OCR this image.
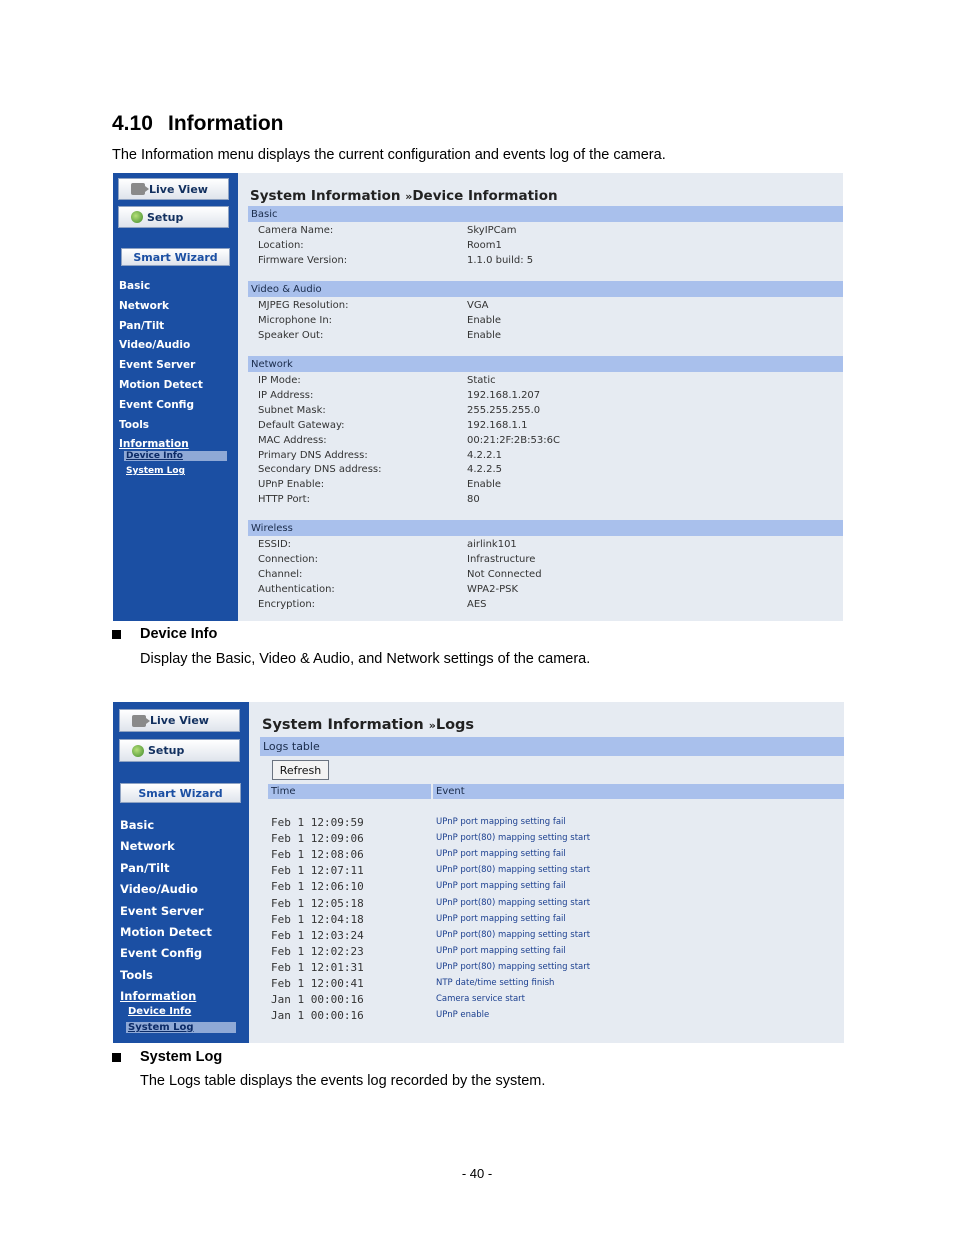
4.10 Information
The Information menu displays the current configuration and events log of the camera.
Live View
Setup
Smart Wizard
Basic
Network
Pan/Tilt
Video/Audio
Event Server
Motion Detect
Event Config
Tools
Information
Device Info
System Log
System Information »Device Information
Basic
Camera Name:	SkyIPCam
Location:	Room1
Firmware Version:	1.1.0 build: 5
Video & Audio
MJPEG Resolution:	VGA
Microphone In:	Enable
Speaker Out:	Enable
Network
IP Mode:	Static
IP Address:	192.168.1.207
Subnet Mask:	255.255.255.0
Default Gateway:	192.168.1.1
MAC Address:	00:21:2F:2B:53:6C
Primary DNS Address:	4.2.2.1
Secondary DNS address:	4.2.2.5
UPnP Enable:	Enable
HTTP Port:	80
Wireless
ESSID:	airlink101
Connection:	Infrastructure
Channel:	Not Connected
Authentication:	WPA2-PSK
Encryption:	AES
Device Info
Display the Basic, Video & Audio, and Network settings of the camera.
Live View
Setup
Smart Wizard
Basic
Network
Pan/Tilt
Video/Audio
Event Server
Motion Detect
Event Config
Tools
Information
Device Info
System Log
System Information »Logs
Logs table
Refresh
Time	Event
Feb 1 12:09:59	UPnP port mapping setting fail
Feb 1 12:09:06	UPnP port(80) mapping setting start
Feb 1 12:08:06	UPnP port mapping setting fail
Feb 1 12:07:11	UPnP port(80) mapping setting start
Feb 1 12:06:10	UPnP port mapping setting fail
Feb 1 12:05:18	UPnP port(80) mapping setting start
Feb 1 12:04:18	UPnP port mapping setting fail
Feb 1 12:03:24	UPnP port(80) mapping setting start
Feb 1 12:02:23	UPnP port mapping setting fail
Feb 1 12:01:31	UPnP port(80) mapping setting start
Feb 1 12:00:41	NTP date/time setting finish
Jan 1 00:00:16	Camera service start
Jan 1 00:00:16	UPnP enable
System Log
The Logs table displays the events log recorded by the system.
- 40 -
